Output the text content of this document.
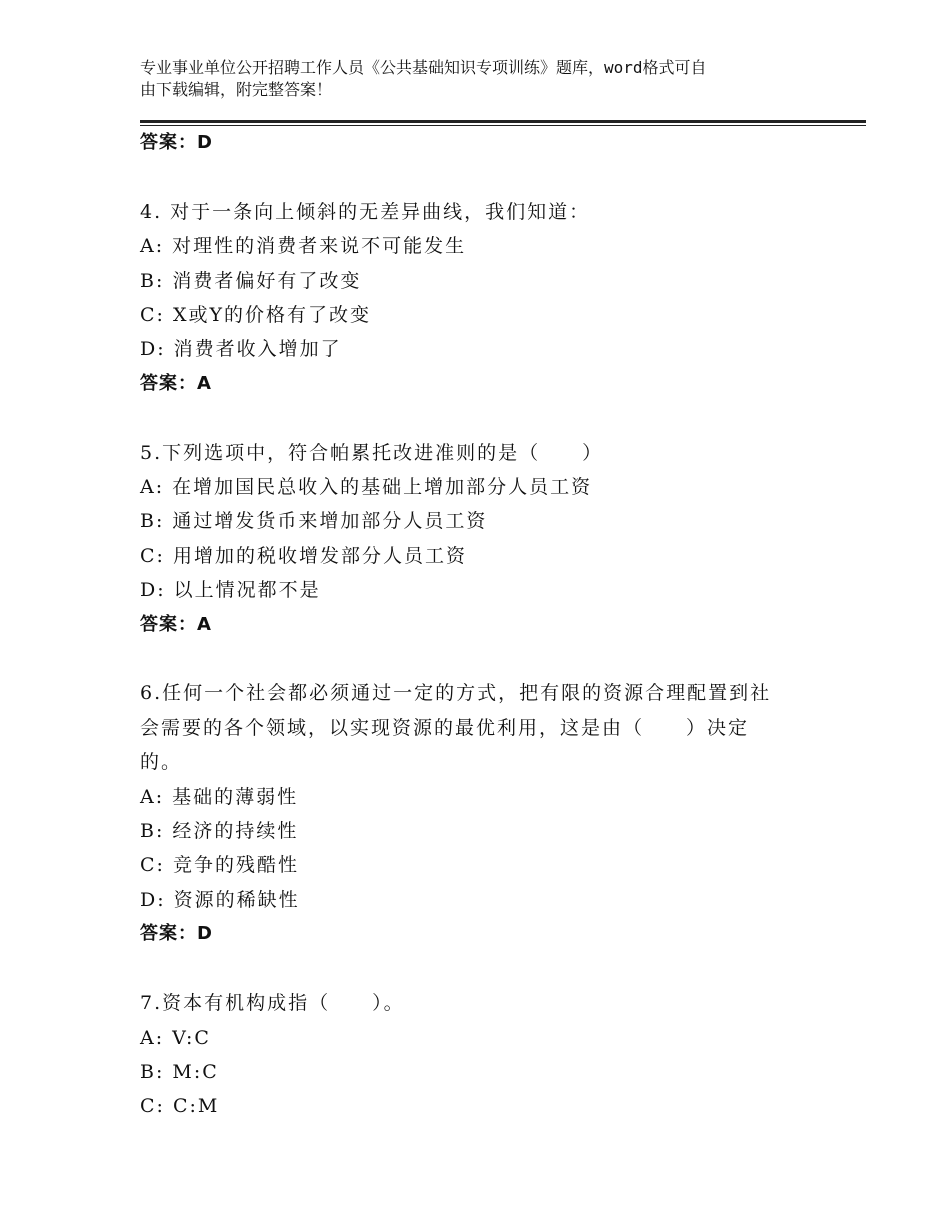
专业事业单位公开招聘工作人员《公共基础知识专项训练》题库，word格式可自
由下载编辑，附完整答案！

答案：D

4. 对于一条向上倾斜的无差异曲线，我们知道：

A: 对理性的消费者来说不可能发生

B: 消费者偏好有了改变

C: X或Y的价格有了改变

D: 消费者收入增加了

答案：A

5.下列选项中，符合帕累托改进准则的是（　　）

A: 在增加国民总收入的基础上增加部分人员工资

B: 通过增发货币来增加部分人员工资

C: 用增加的税收增发部分人员工资

D: 以上情况都不是

答案：A

6.任何一个社会都必须通过一定的方式，把有限的资源合理配置到社

会需要的各个领域，以实现资源的最优利用，这是由（　　）决定

的。

A: 基础的薄弱性

B: 经济的持续性

C: 竞争的残酷性

D: 资源的稀缺性

答案：D

7.资本有机构成指（　　）。

A: V:C

B: M:C

C: C:M
